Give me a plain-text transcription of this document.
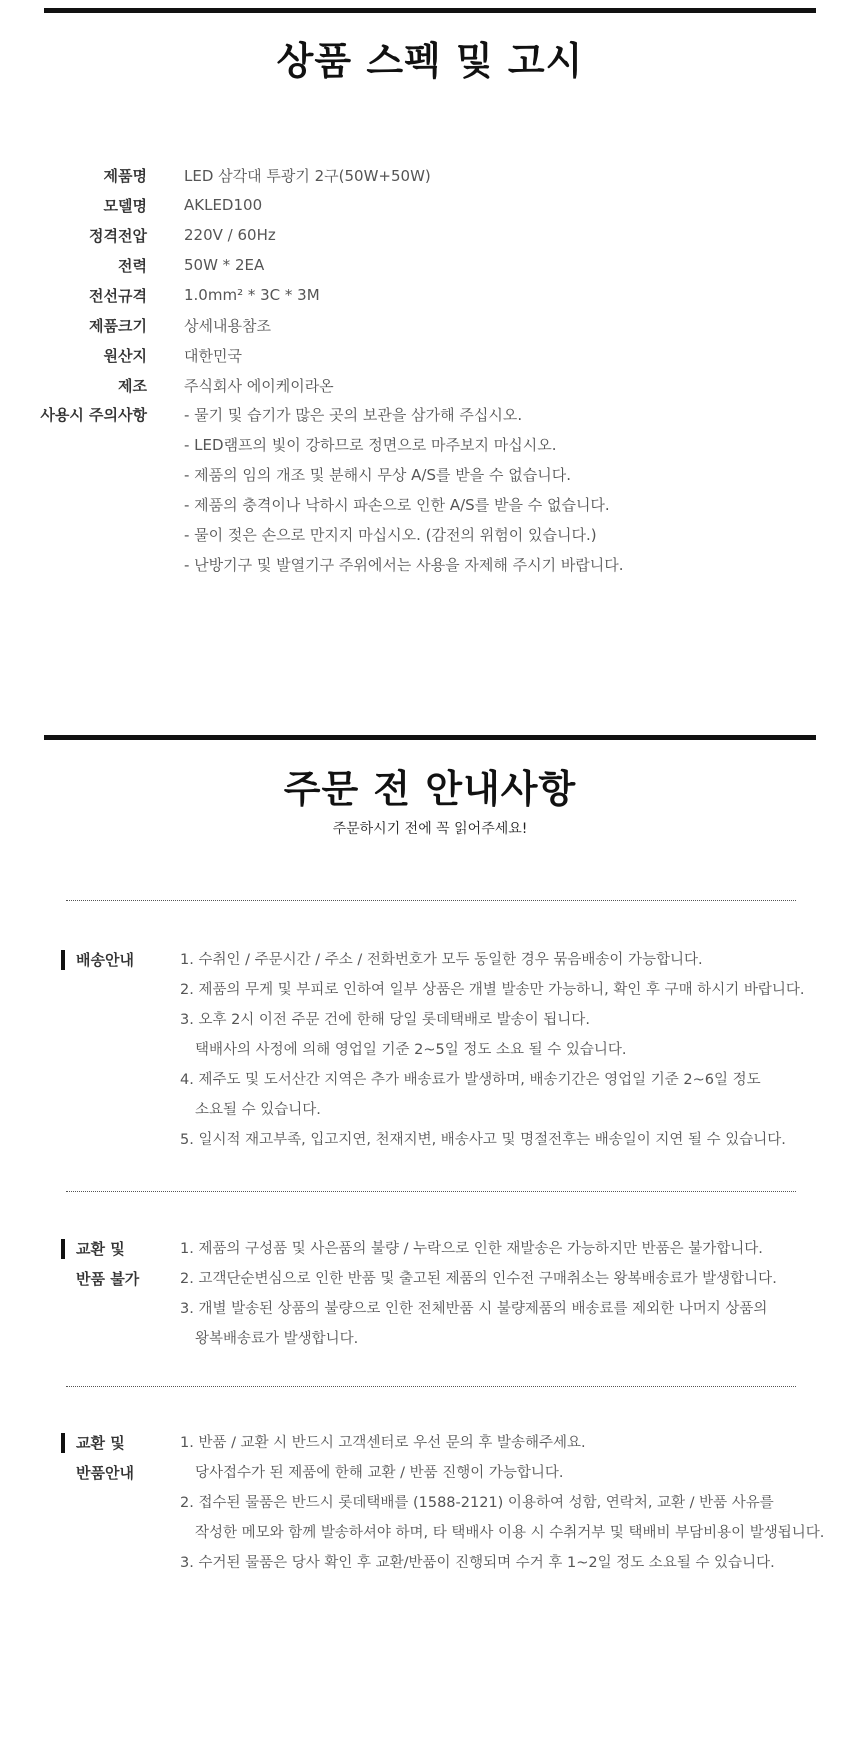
상품 스펙 및 고시
제품명 LED 삼각대 투광기 2구(50W+50W)
모델명 AKLED100
정격전압 220V / 60Hz
전력 50W * 2EA
전선규격 1.0mm² * 3C * 3M
제품크기 상세내용참조
원산지 대한민국
제조 주식회사 에이케이라온
사용시 주의사항 - 물기 및 습기가 많은 곳의 보관을 삼가해 주십시오.
- LED램프의 빛이 강하므로 정면으로 마주보지 마십시오.
- 제품의 임의 개조 및 분해시 무상 A/S를 받을 수 없습니다.
- 제품의 충격이나 낙하시 파손으로 인한 A/S를 받을 수 없습니다.
- 물이 젖은 손으로 만지지 마십시오. (감전의 위험이 있습니다.)
- 난방기구 및 발열기구 주위에서는 사용을 자제해 주시기 바랍니다.
주문 전 안내사항
주문하시기 전에 꼭 읽어주세요!
배송안내	1. 수취인 / 주문시간 / 주소 / 전화번호가 모두 동일한 경우 묶음배송이 가능합니다.
2. 제품의 무게 및 부피로 인하여 일부 상품은 개별 발송만 가능하니, 확인 후 구매 하시기 바랍니다.
3. 오후 2시 이전 주문 건에 한해 당일 롯데택배로 발송이 됩니다.
택배사의 사정에 의해 영업일 기준 2~5일 정도 소요 될 수 있습니다.
4. 제주도 및 도서산간 지역은 추가 배송료가 발생하며, 배송기간은 영업일 기준 2~6일 정도
소요될 수 있습니다.
5. 일시적 재고부족, 입고지연, 천재지변, 배송사고 및 명절전후는 배송일이 지연 될 수 있습니다.
교환 및
반품 불가
1. 제품의 구성품 및 사은품의 불량 / 누락으로 인한 재발송은 가능하지만 반품은 불가합니다.
2. 고객단순변심으로 인한 반품 및 출고된 제품의 인수전 구매취소는 왕복배송료가 발생합니다.
3. 개별 발송된 상품의 불량으로 인한 전체반품 시 불량제품의 배송료를 제외한 나머지 상품의
왕복배송료가 발생합니다.
교환 및
반품안내
1. 반품 / 교환 시 반드시 고객센터로 우선 문의 후 발송해주세요.
당사접수가 된 제품에 한해 교환 / 반품 진행이 가능합니다.
2. 접수된 물품은 반드시 롯데택배를 (1588-2121) 이용하여 성함, 연락처, 교환 / 반품 사유를
작성한 메모와 함께 발송하셔야 하며, 타 택배사 이용 시 수취거부 및 택배비 부담비용이 발생됩니다.
3. 수거된 물품은 당사 확인 후 교환/반품이 진행되며 수거 후 1~2일 정도 소요될 수 있습니다.
